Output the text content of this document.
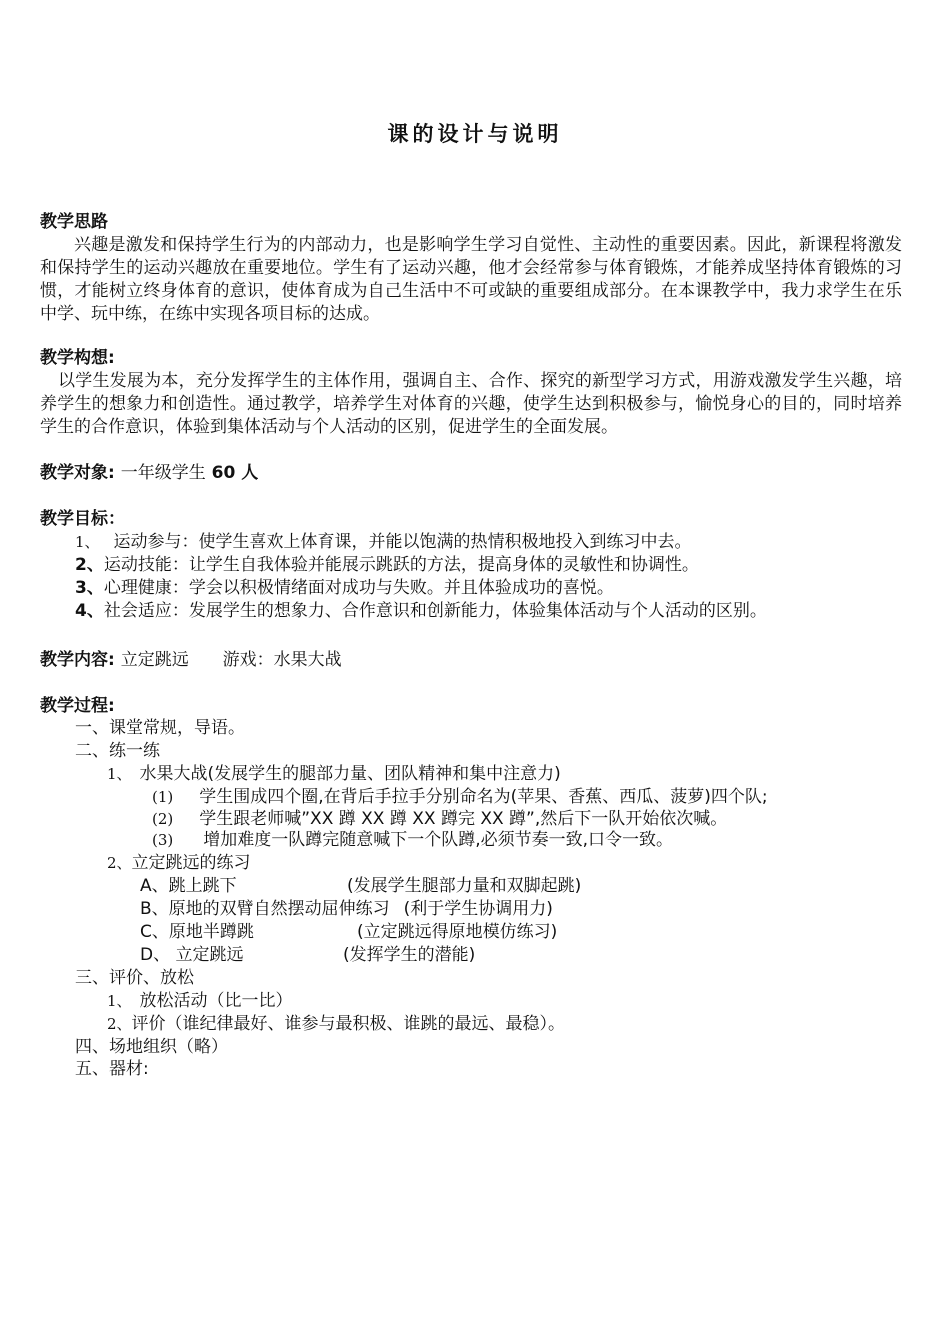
课的设计与说明
教学思路
兴趣是激发和保持学生行为的内部动力，也是影响学生学习自觉性、主动性的重要因素。因此，新课程将激发和保持学生的运动兴趣放在重要地位。学生有了运动兴趣，他才会经常参与体育锻炼，才能养成坚持体育锻炼的习惯，才能树立终身体育的意识，使体育成为自己生活中不可或缺的重要组成部分。在本课教学中，我力求学生在乐中学、玩中练，在练中实现各项目标的达成。
教学构想:
以学生发展为本，充分发挥学生的主体作用，强调自主、合作、探究的新型学习方式，用游戏激发学生兴趣，培养学生的想象力和创造性。通过教学，培养学生对体育的兴趣，使学生达到积极参与，愉悦身心的目的，同时培养学生的合作意识，体验到集体活动与个人活动的区别，促进学生的全面发展。
教学对象: 一年级学生 60 人
教学目标：
1、 运动参与：使学生喜欢上体育课，并能以饱满的热情积极地投入到练习中去。
2、运动技能：让学生自我体验并能展示跳跃的方法，提高身体的灵敏性和协调性。
3、心理健康：学会以积极情绪面对成功与失败。并且体验成功的喜悦。
4、社会适应：发展学生的想象力、合作意识和创新能力，体验集体活动与个人活动的区别。
教学内容: 立定跳远 游戏：水果大战
教学过程:
一、课堂常规，导语。
二、练一练
1、 水果大战(发展学生的腿部力量、团队精神和集中注意力)
(1) 学生围成四个圈,在背后手拉手分别命名为(苹果、香蕉、西瓜、菠萝)四个队;
(2) 学生跟老师喊”XX 蹲 XX 蹲 XX 蹲完 XX 蹲”,然后下一队开始依次喊。
(3) 增加难度一队蹲完随意喊下一个队蹲,必须节奏一致,口令一致。
2、立定跳远的练习
A、跳上跳下	(发展学生腿部力量和双脚起跳)
B、原地的双臂自然摆动屈伸练习 (利于学生协调用力)
C、原地半蹲跳	(立定跳远得原地模仿练习)
D、 立定跳远	(发挥学生的潜能)
三、评价、放松
1、 放松活动（比一比）
2、评价（谁纪律最好、谁参与最积极、谁跳的最远、最稳）。
四、场地组织（略）
五、器材:
